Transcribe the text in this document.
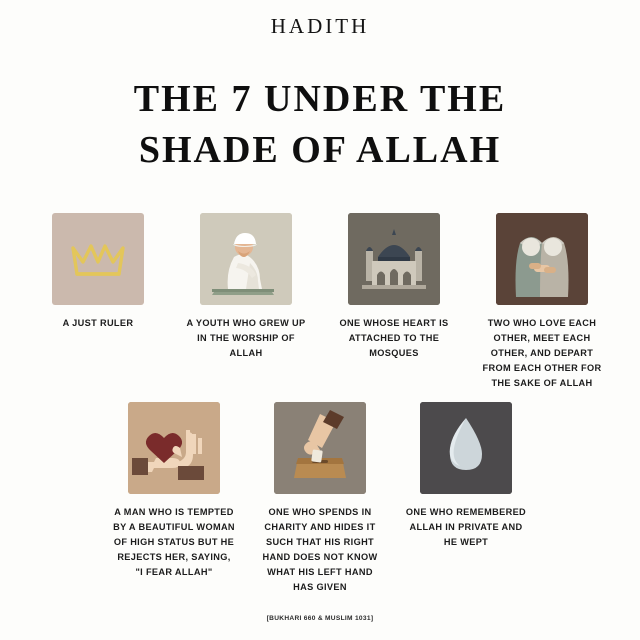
HADITH
THE 7 UNDER THE
SHADE OF ALLAH
A JUST RULER	A YOUTH WHO GREW UP IN THE WORSHIP OF ALLAH
ONE WHOSE HEART IS ATTACHED TO THE MOSQUES
TWO WHO LOVE EACH OTHER, MEET EACH OTHER, AND DEPART FROM EACH OTHER FOR THE SAKE OF ALLAH
A MAN WHO IS TEMPTED BY A BEAUTIFUL WOMAN OF HIGH STATUS BUT HE REJECTS HER, SAYING, "I FEAR ALLAH"
ONE WHO SPENDS IN CHARITY AND HIDES IT SUCH THAT HIS RIGHT HAND DOES NOT KNOW WHAT HIS LEFT HAND HAS GIVEN
ONE WHO REMEMBERED ALLAH IN PRIVATE AND HE WEPT
[BUKHARI 660 & MUSLIM 1031]
